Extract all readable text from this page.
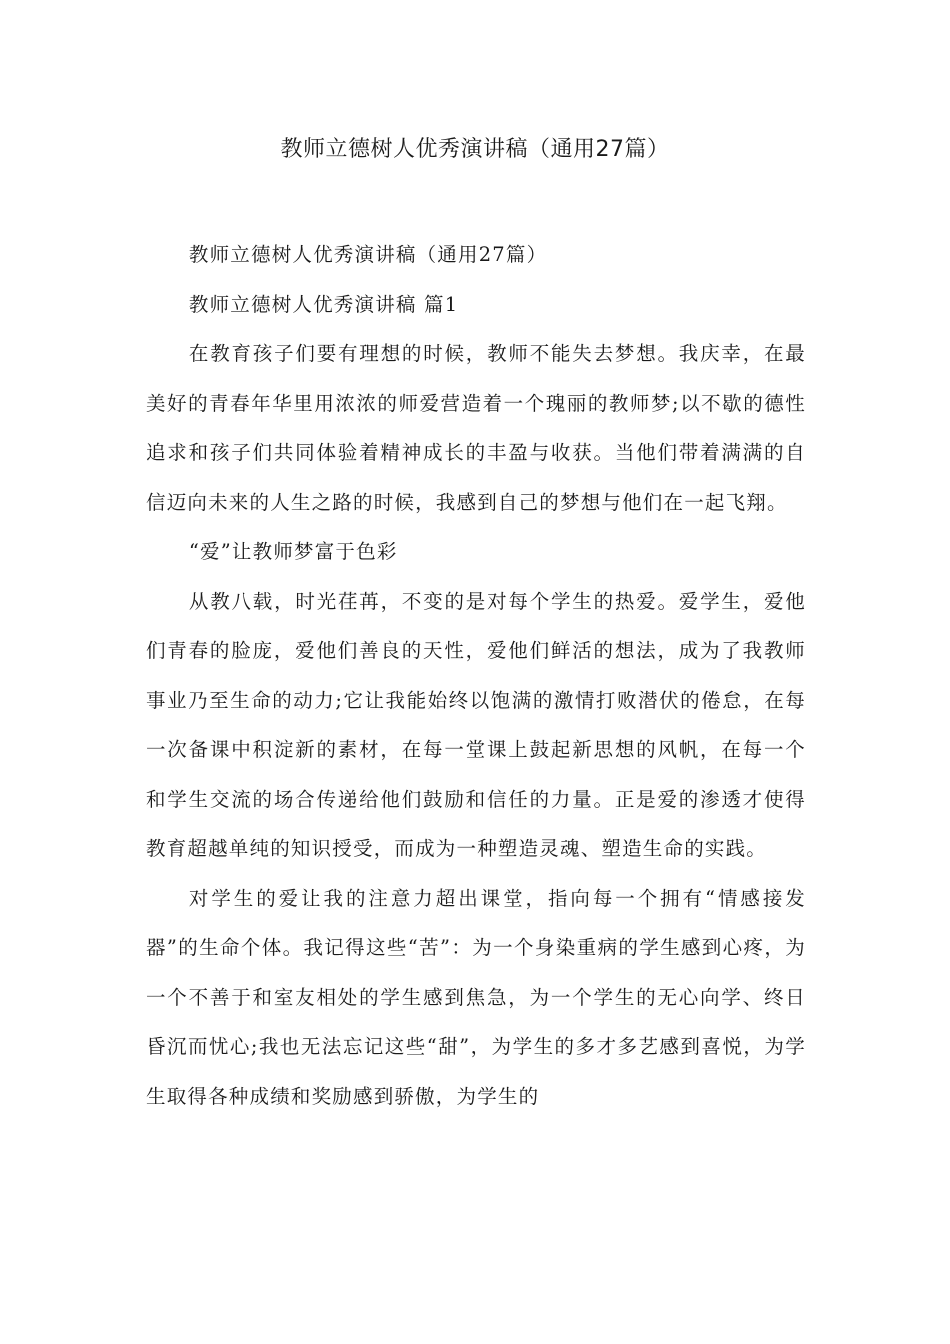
教师立德树人优秀演讲稿（通用27篇）

教师立德树人优秀演讲稿（通用27篇）

教师立德树人优秀演讲稿 篇1

在教育孩子们要有理想的时候，教师不能失去梦想。我庆幸，在最美好的青春年华里用浓浓的师爱营造着一个瑰丽的教师梦;以不歇的德性追求和孩子们共同体验着精神成长的丰盈与收获。当他们带着满满的自信迈向未来的人生之路的时候，我感到自己的梦想与他们在一起飞翔。

“爱”让教师梦富于色彩

从教八载，时光荏苒，不变的是对每个学生的热爱。爱学生，爱他们青春的脸庞，爱他们善良的天性，爱他们鲜活的想法，成为了我教师事业乃至生命的动力;它让我能始终以饱满的激情打败潜伏的倦怠，在每一次备课中积淀新的素材，在每一堂课上鼓起新思想的风帆，在每一个和学生交流的场合传递给他们鼓励和信任的力量。正是爱的渗透才使得教育超越单纯的知识授受，而成为一种塑造灵魂、塑造生命的实践。

对学生的爱让我的注意力超出课堂，指向每一个拥有“情感接发器”的生命个体。我记得这些“苦”：为一个身染重病的学生感到心疼，为一个不善于和室友相处的学生感到焦急，为一个学生的无心向学、终日昏沉而忧心;我也无法忘记这些“甜”，为学生的多才多艺感到喜悦，为学生取得各种成绩和奖励感到骄傲，为学生的
